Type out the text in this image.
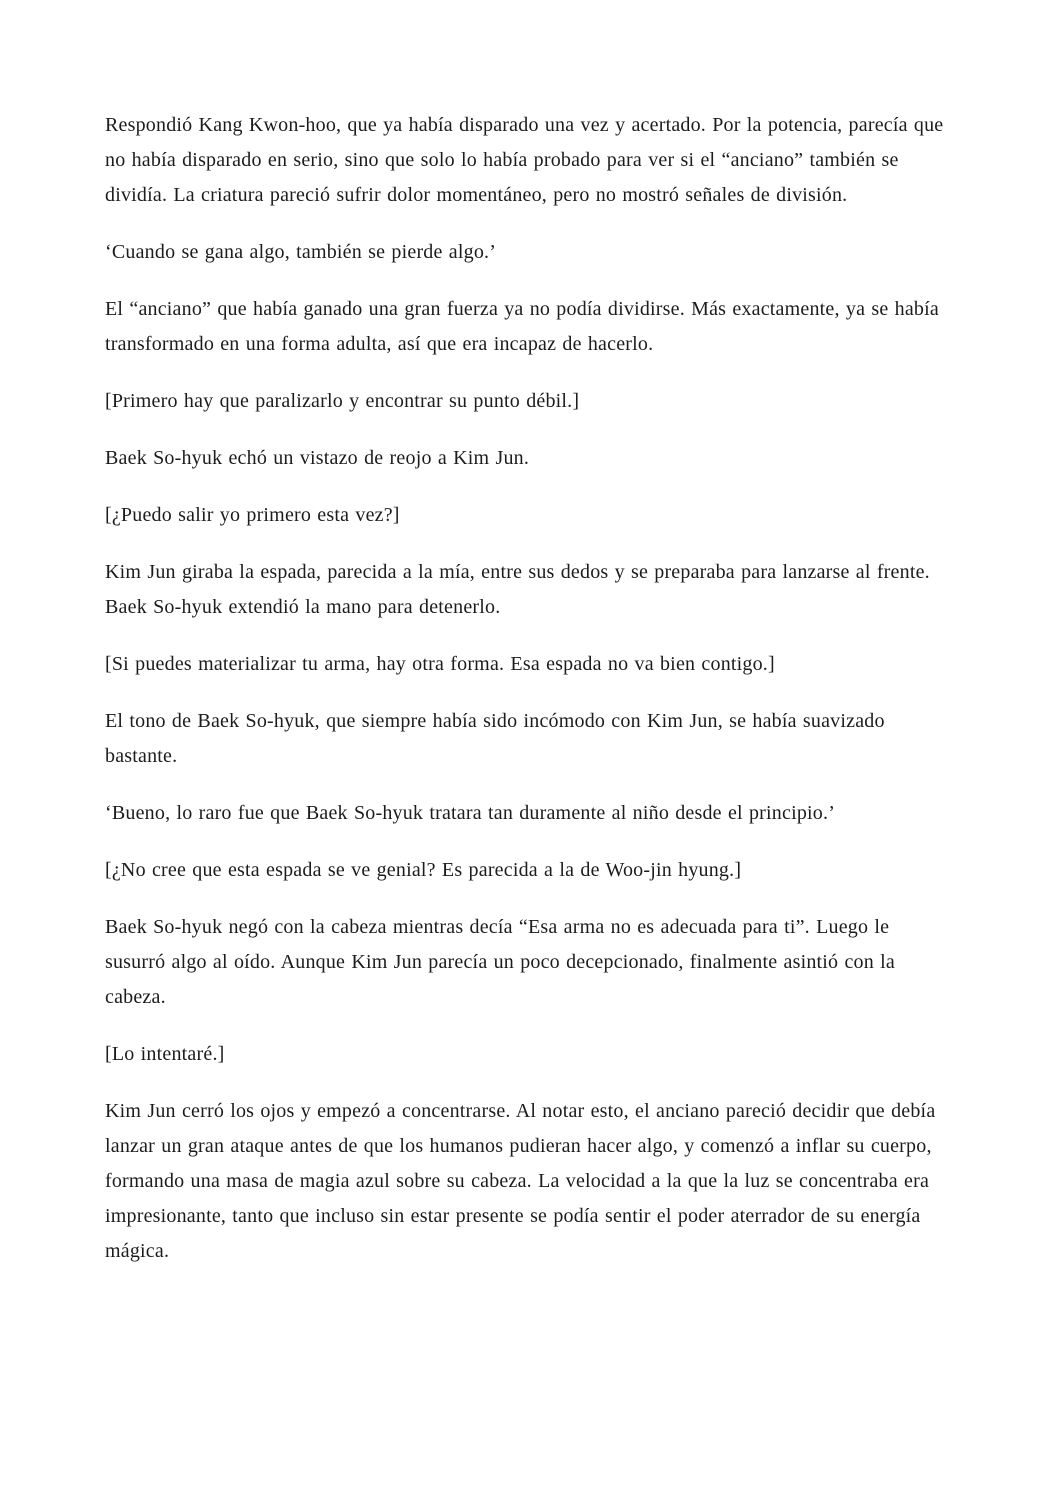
Respondió Kang Kwon-hoo, que ya había disparado una vez y acertado. Por la potencia, parecía que no había disparado en serio, sino que solo lo había probado para ver si el “anciano” también se dividía. La criatura pareció sufrir dolor momentáneo, pero no mostró señales de división.

‘Cuando se gana algo, también se pierde algo.’

El “anciano” que había ganado una gran fuerza ya no podía dividirse. Más exactamente, ya se había transformado en una forma adulta, así que era incapaz de hacerlo.

[Primero hay que paralizarlo y encontrar su punto débil.]

Baek So-hyuk echó un vistazo de reojo a Kim Jun.

[¿Puedo salir yo primero esta vez?]

Kim Jun giraba la espada, parecida a la mía, entre sus dedos y se preparaba para lanzarse al frente. Baek So-hyuk extendió la mano para detenerlo.

[Si puedes materializar tu arma, hay otra forma. Esa espada no va bien contigo.]

El tono de Baek So-hyuk, que siempre había sido incómodo con Kim Jun, se había suavizado bastante.

‘Bueno, lo raro fue que Baek So-hyuk tratara tan duramente al niño desde el principio.’

[¿No cree que esta espada se ve genial? Es parecida a la de Woo-jin hyung.]

Baek So-hyuk negó con la cabeza mientras decía “Esa arma no es adecuada para ti”. Luego le susurró algo al oído. Aunque Kim Jun parecía un poco decepcionado, finalmente asintió con la cabeza.

[Lo intentaré.]

Kim Jun cerró los ojos y empezó a concentrarse. Al notar esto, el anciano pareció decidir que debía lanzar un gran ataque antes de que los humanos pudieran hacer algo, y comenzó a inflar su cuerpo, formando una masa de magia azul sobre su cabeza. La velocidad a la que la luz se concentraba era impresionante, tanto que incluso sin estar presente se podía sentir el poder aterrador de su energía mágica.
